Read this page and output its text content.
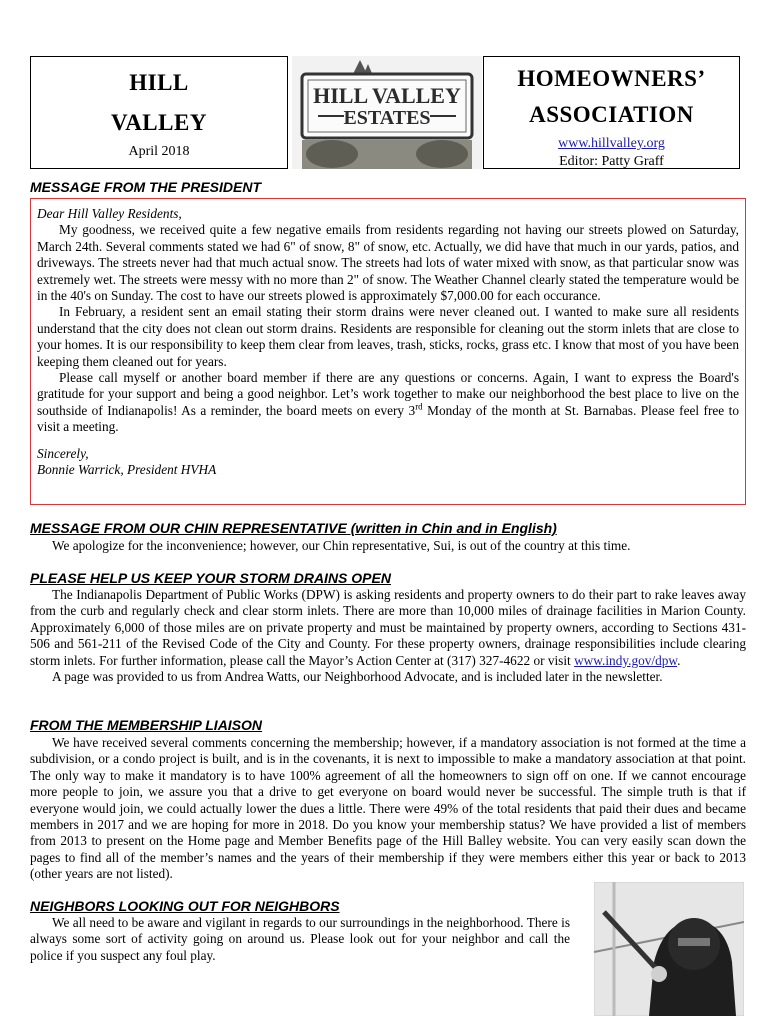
HILL
VALLEY
April 2018
HILL VALLEY
ESTATES
HOMEOWNERS’
ASSOCIATION
www.hillvalley.org
Editor: Patty Graff
MESSAGE FROM THE PRESIDENT

Dear Hill Valley Residents,

My goodness, we received quite a few negative emails from residents regarding not having our streets plowed on Saturday, March 24th. Several comments stated we had 6" of snow, 8" of snow, etc. Actually, we did have that much in our yards, patios, and driveways. The streets never had that much actual snow. The streets had lots of water mixed with snow, as that particular snow was extremely wet. The streets were messy with no more than 2" of snow. The Weather Channel clearly stated the temperature would be in the 40's on Sunday. The cost to have our streets plowed is approximately $7,000.00 for each occurance.

In February, a resident sent an email stating their storm drains were never cleaned out. I wanted to make sure all residents understand that the city does not clean out storm drains. Residents are responsible for cleaning out the storm inlets that are close to your homes. It is our responsibility to keep them clear from leaves, trash, sticks, rocks, grass etc. I know that most of you have been keeping them cleaned out for years.

Please call myself or another board member if there are any questions or concerns. Again, I want to express the Board's gratitude for your support and being a good neighbor. Let’s work together to make our neighborhood the best place to live on the southside of Indianapolis! As a reminder, the board meets on every 3rd Monday of the month at St. Barnabas. Please feel free to visit a meeting.

Sincerely,

Bonnie Warrick, President HVHA

MESSAGE FROM OUR CHIN REPRESENTATIVE (written in Chin and in English)

We apologize for the inconvenience; however, our Chin representative, Sui, is out of the country at this time.

PLEASE HELP US KEEP YOUR STORM DRAINS OPEN

The Indianapolis Department of Public Works (DPW) is asking residents and property owners to do their part to rake leaves away from the curb and regularly check and clear storm inlets. There are more than 10,000 miles of drainage facilities in Marion County. Approximately 6,000 of those miles are on private property and must be maintained by property owners, according to Sections 431-506 and 561-211 of the Revised Code of the City and County. For these property owners, drainage responsibilities include clearing storm inlets. For further information, please call the Mayor’s Action Center at (317) 327-4622 or visit www.indy.gov/dpw.

A page was provided to us from Andrea Watts, our Neighborhood Advocate, and is included later in the newsletter.

FROM THE MEMBERSHIP LIAISON

We have received several comments concerning the membership; however, if a mandatory association is not formed at the time a subdivision, or a condo project is built, and is in the covenants, it is next to impossible to make a mandatory association at that point. The only way to make it mandatory is to have 100% agreement of all the homeowners to sign off on one. If we cannot encourage more people to join, we assure you that a drive to get everyone on board would never be successful. The simple truth is that if everyone would join, we could actually lower the dues a little. There were 49% of the total residents that paid their dues and became members in 2017 and we are hoping for more in 2018. Do you know your membership status? We have provided a list of members from 2013 to present on the Home page and Member Benefits page of the Hill Balley website. You can very easily scan down the pages to find all of the member’s names and the years of their membership if they were members either this year or back to 2013 (other years are not listed).

NEIGHBORS LOOKING OUT FOR NEIGHBORS

We all need to be aware and vigilant in regards to our surroundings in the neighborhood. There is always some sort of activity going on around us. Please look out for your neighbor and call the police if you suspect any foul play.
